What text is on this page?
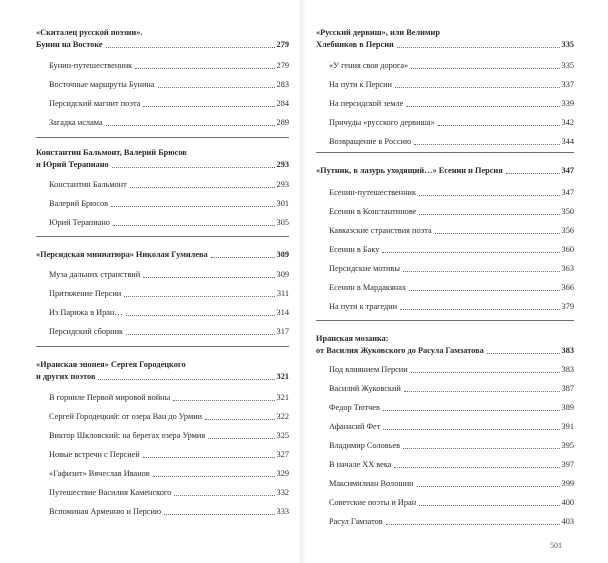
«Скиталец русской поэзии».
Бунин на Востоке	279
Бунин-путешественник	279
Восточные маршруты Бунина	283
Персидский магнит поэта	284
Загадка ислама	289
Константин Бальмонт, Валерий Брюсов
и Юрий Терапиано	293
Константин Бальмонт	293
Валерий Брюсов	301
Юрий Терапиано	305
«Персидская миниатюра» Николая Гумилева	309
Муза дальних странствий	309
Притяжение Персии	311
Из Парижа в Иран…	314
Персидский сборник	317
«Иранская эпопея» Сергея Городецкого
и других поэтов	321
В горниле Первой мировой войны	321
Сергей Городецкий: от озера Ван до Урмии	322
Виктор Шкловский: на берегах озера Урмия	325
Новые встречи с Персией	327
«Гафизит» Вячеслав Иванов	329
Путешествие Василия Каменского	332
Вспоминая Арменню и Персию	333
«Русский дервиш», или Велимир
Хлебников в Персии	335
«У гения своя дорога»	335
На пути к Персии	337
На персидской земле	339
Причуды «русского дервиша»	342
Возвращение в Россию	344
«Путник, в лазурь уходящий…» Есенин и Персия	347
Есенин-путешественник	347
Есенин в Константинове	350
Кавказские странствия поэта	356
Есенин в Баку	360
Персидские мотивы	363
Есенин в Мардакянах	366
На пути к трагедии	379
Иранская мозаика:
от Василия Жуковского до Расула Гамзатова	383
Под влиянием Персии	383
Василий Жуковский	387
Федор Тютчев	389
Афанасий Фет	391
Владимир Соловьев	395
В начале XX века	397
Максимилиан Волошин	399
Советские поэты и Иран	400
Расул Гамзатов	403
501
